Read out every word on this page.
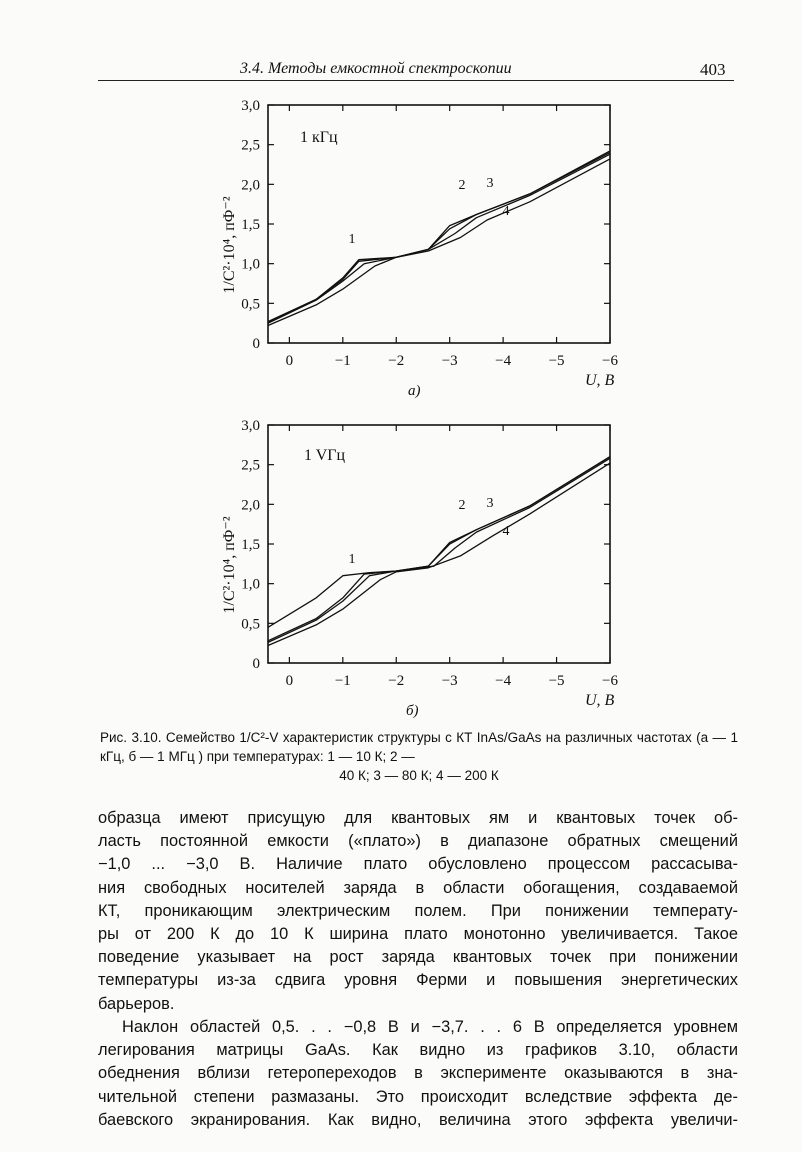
3.4. Методы емкостной спектроскопии	403
0	−1 −2 −3 −4 −5 −6
0
0,5
1,0
1,5
2,0
2,5
3,0
1
2 3
4
1 кГц
а)
U, В
1/C²·10⁴, пФ⁻²
0	−1 −2 −3 −4 −5 −6
0
0,5
1,0
1,5
2,0
2,5
3,0
1
2 3
4
1 VГц
б)
U, В
1/C²·10⁴, пФ⁻²
Рис. 3.10. Семейство 1/C²-V характеристик структуры с КТ InAs/GaAs на различных частотах (а — 1 кГц, б — 1 МГц ) при температурах: 1 — 10 К; 2 —
40 К; 3 — 80 К; 4 — 200 К
образца имеют присущую для квантовых ям и квантовых точек об-
ласть постоянной емкости («плато») в диапазоне обратных смещений
−1,0 ... −3,0 В. Наличие плато обусловлено процессом рассасыва-
ния свободных носителей заряда в области обогащения, создаваемой
КТ, проникающим электрическим полем. При понижении температу-
ры от 200 К до 10 К ширина плато монотонно увеличивается. Такое
поведение указывает на рост заряда квантовых точек при понижении
температуры из-за сдвига уровня Ферми и повышения энергетических
барьеров.
Наклон областей 0,5. . . −0,8 В и −3,7. . . 6 В определяется уровнем
легирования матрицы GaAs. Как видно из графиков 3.10, области
обеднения вблизи гетеропереходов в эксперименте оказываются в зна-
чительной степени размазаны. Это происходит вследствие эффекта де-
баевского экранирования. Как видно, величина этого эффекта увеличи-
